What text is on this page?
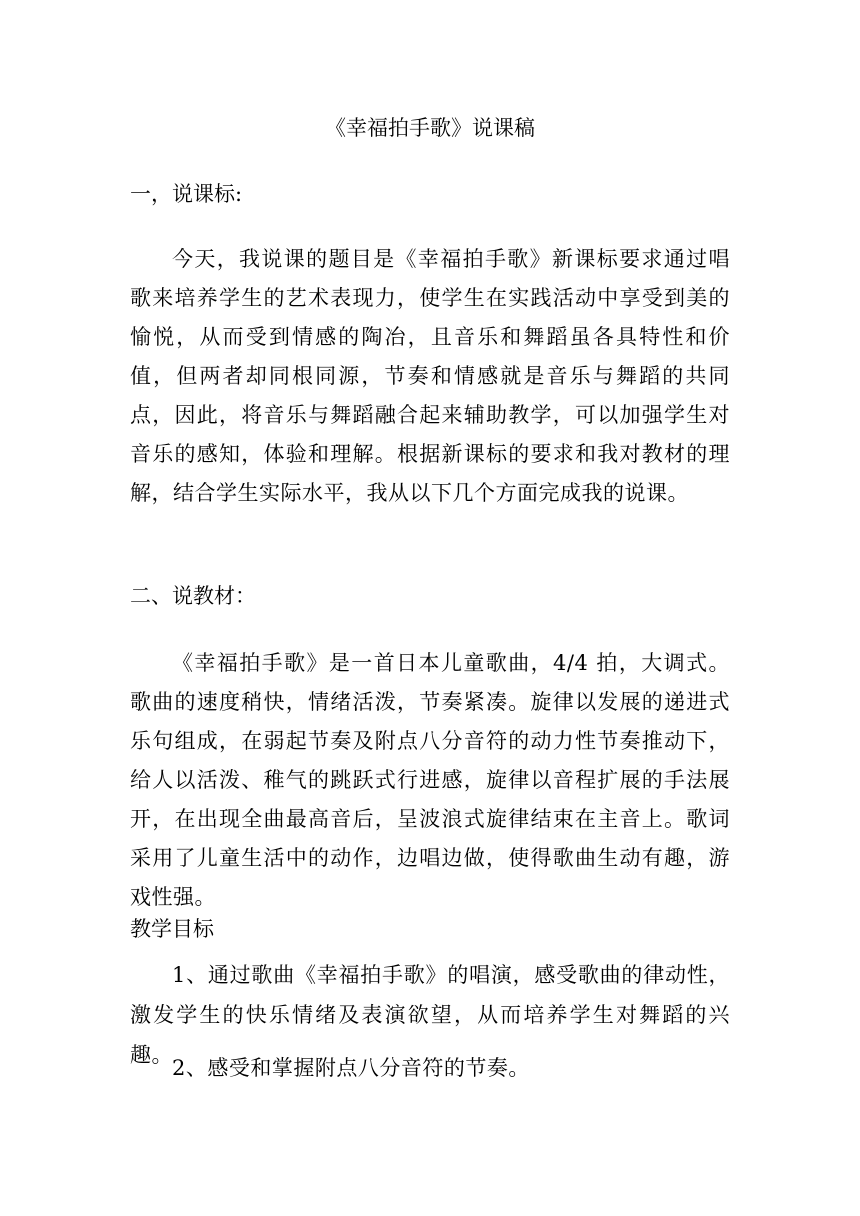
《幸福拍手歌》说课稿
一，说课标:

今天，我说课的题目是《幸福拍手歌》新课标要求通过唱歌来培养学生的艺术表现力，使学生在实践活动中享受到美的愉悦，从而受到情感的陶冶，且音乐和舞蹈虽各具特性和价值，但两者却同根同源，节奏和情感就是音乐与舞蹈的共同点，因此，将音乐与舞蹈融合起来辅助教学，可以加强学生对音乐的感知，体验和理解。根据新课标的要求和我对教材的理解，结合学生实际水平，我从以下几个方面完成我的说课。

二、说教材：

《幸福拍手歌》是一首日本儿童歌曲，4/4 拍，大调式。歌曲的速度稍快，情绪活泼，节奏紧凑。旋律以发展的递进式乐句组成，在弱起节奏及附点八分音符的动力性节奏推动下，给人以活泼、稚气的跳跃式行进感，旋律以音程扩展的手法展开，在出现全曲最高音后，呈波浪式旋律结束在主音上。歌词采用了儿童生活中的动作，边唱边做，使得歌曲生动有趣，游戏性强。

教学目标

1、通过歌曲《幸福拍手歌》的唱演，感受歌曲的律动性，激发学生的快乐情绪及表演欲望，从而培养学生对舞蹈的兴趣。

2、感受和掌握附点八分音符的节奏。
